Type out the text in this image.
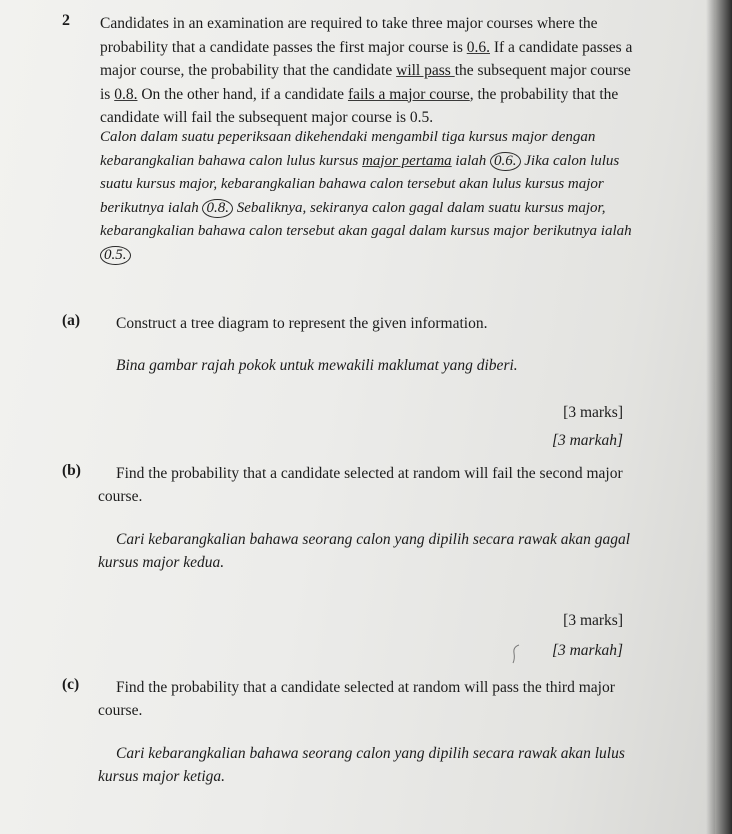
2 Candidates in an examination are required to take three major courses where the probability that a candidate passes the first major course is 0.6. If a candidate passes a major course, the probability that the candidate will pass the subsequent major course is 0.8. On the other hand, if a candidate fails a major course, the probability that the candidate will fail the subsequent major course is 0.5.

Calon dalam suatu peperiksaan dikehendaki mengambil tiga kursus major dengan kebarangkalian bahawa calon lulus kursus major pertama ialah 0.6. Jika calon lulus suatu kursus major, kebarangkalian bahawa calon tersebut akan lulus kursus major berikutnya ialah 0.8. Sebaliknya, sekiranya calon gagal dalam suatu kursus major, kebarangkalian bahawa calon tersebut akan gagal dalam kursus major berikutnya ialah 0.5.

(a) Construct a tree diagram to represent the given information.

Bina gambar rajah pokok untuk mewakili maklumat yang diberi.

[3 marks]
[3 markah]
(b)	Find the probability that a candidate selected at random will fail the second major course.

Cari kebarangkalian bahawa seorang calon yang dipilih secara rawak akan gagal kursus major kedua.

[3 marks]
[3 markah]
(c)	Find the probability that a candidate selected at random will pass the third major course.

Cari kebarangkalian bahawa seorang calon yang dipilih secara rawak akan lulus kursus major ketiga.
